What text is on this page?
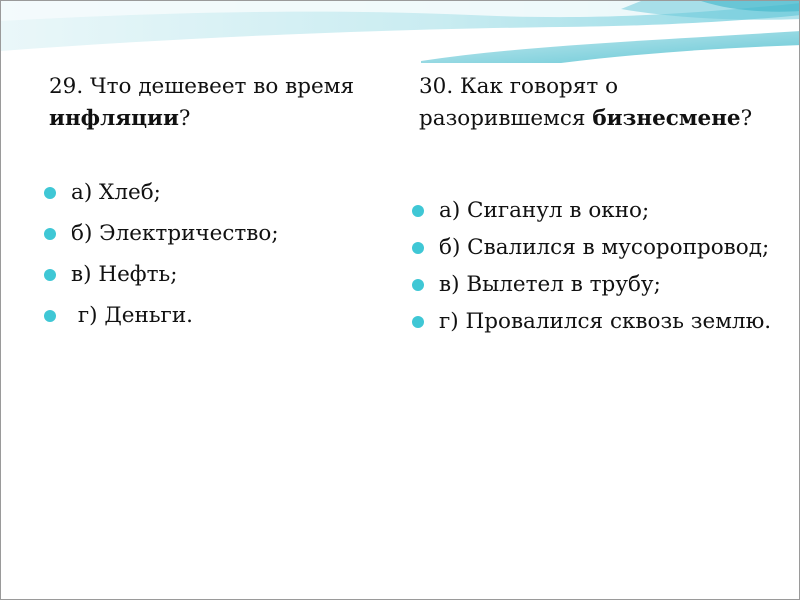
29. Что дешевеет во время инфляции?

а) Хлеб;
б) Электричество;
в) Нефть;
г) Деньги.

30. Как говорят о разорившемся бизнесмене?

а) Сиганул в окно;
б) Свалился в мусоропровод;
в) Вылетел в трубу;
г) Провалился сквозь землю.
